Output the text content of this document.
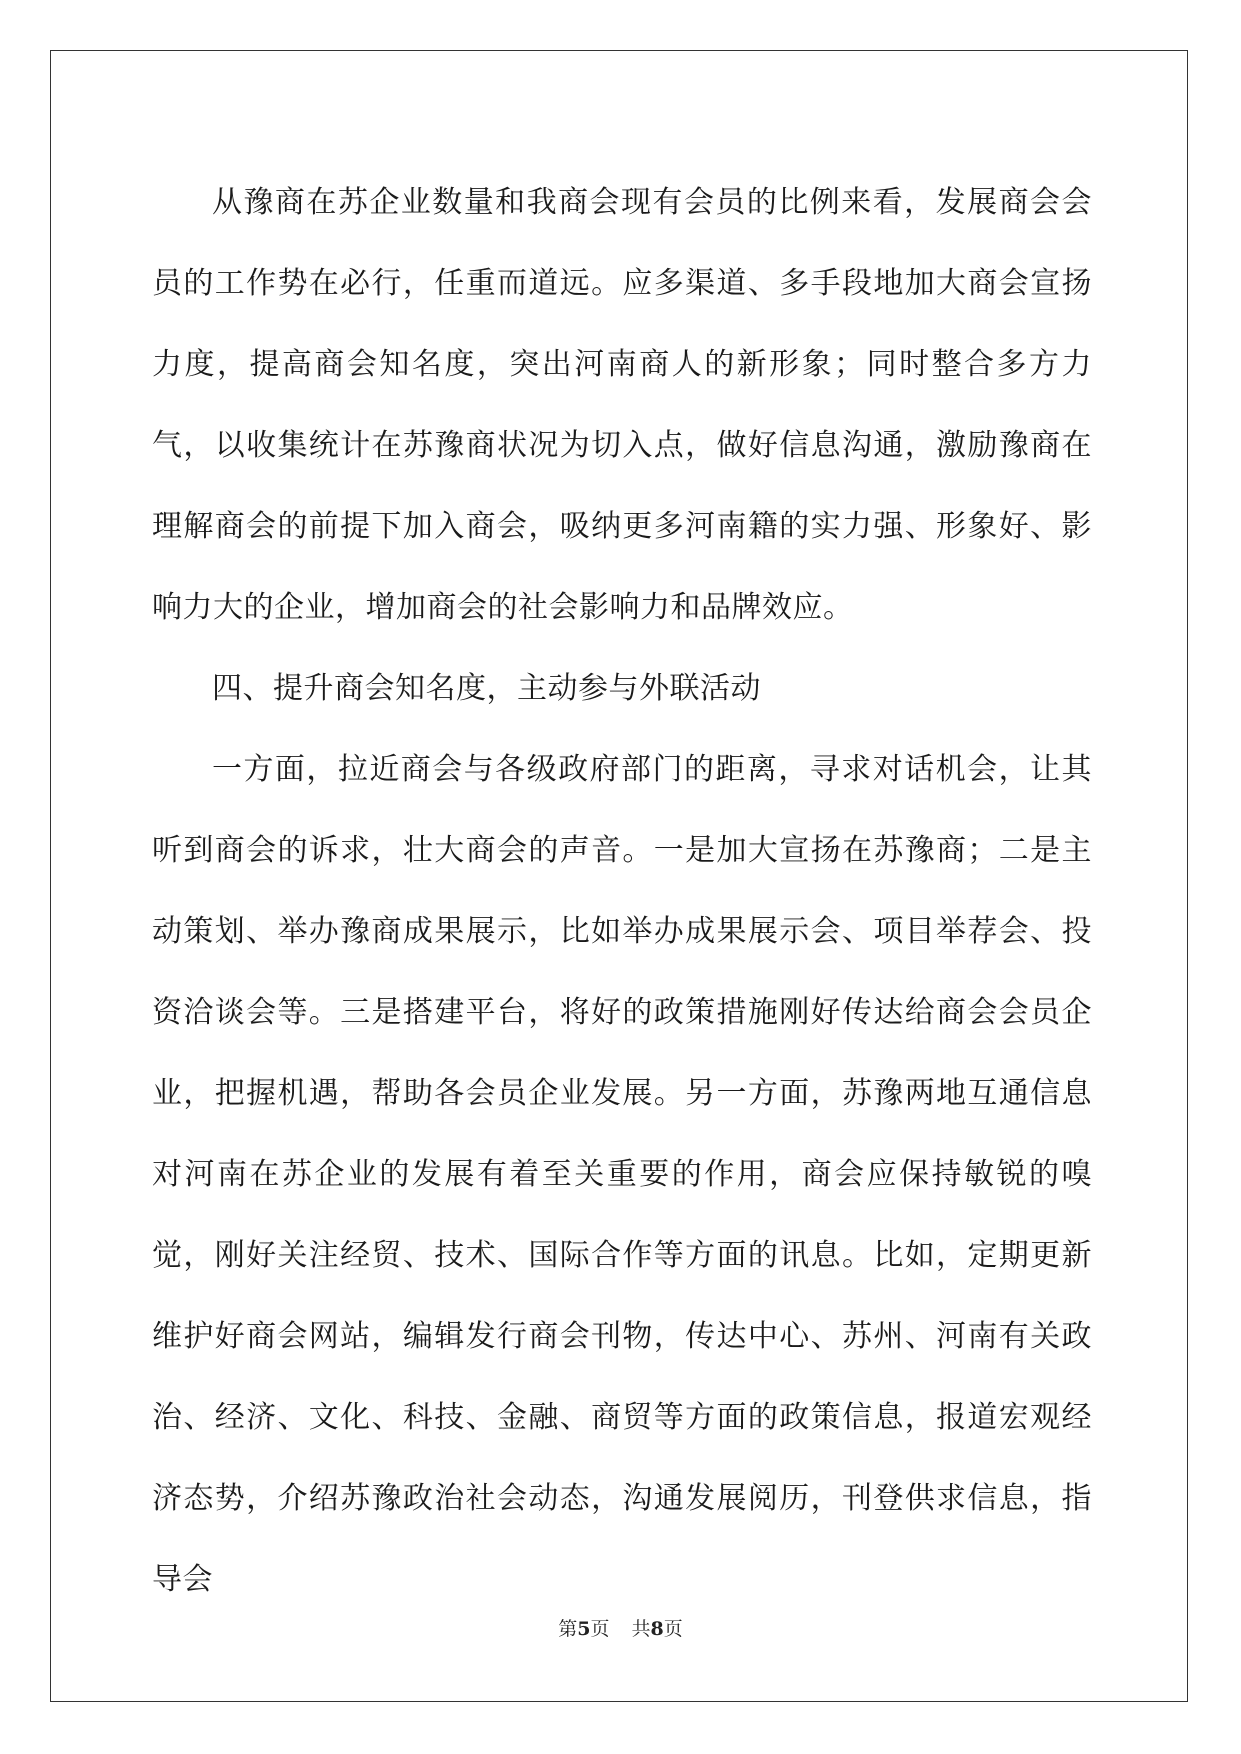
从豫商在苏企业数量和我商会现有会员的比例来看，发展商会会员的工作势在必行，任重而道远。应多渠道、多手段地加大商会宣扬力度，提高商会知名度，突出河南商人的新形象；同时整合多方力气，以收集统计在苏豫商状况为切入点，做好信息沟通，激励豫商在理解商会的前提下加入商会，吸纳更多河南籍的实力强、形象好、影响力大的企业，增加商会的社会影响力和品牌效应。

四、提升商会知名度，主动参与外联活动

一方面，拉近商会与各级政府部门的距离，寻求对话机会，让其听到商会的诉求，壮大商会的声音。一是加大宣扬在苏豫商；二是主动策划、举办豫商成果展示，比如举办成果展示会、项目举荐会、投资洽谈会等。三是搭建平台，将好的政策措施刚好传达给商会会员企业，把握机遇，帮助各会员企业发展。另一方面，苏豫两地互通信息对河南在苏企业的发展有着至关重要的作用，商会应保持敏锐的嗅觉，刚好关注经贸、技术、国际合作等方面的讯息。比如，定期更新维护好商会网站，编辑发行商会刊物，传达中心、苏州、河南有关政治、经济、文化、科技、金融、商贸等方面的政策信息，报道宏观经济态势，介绍苏豫政治社会动态，沟通发展阅历，刊登供求信息，指导会

第5页 共8页
